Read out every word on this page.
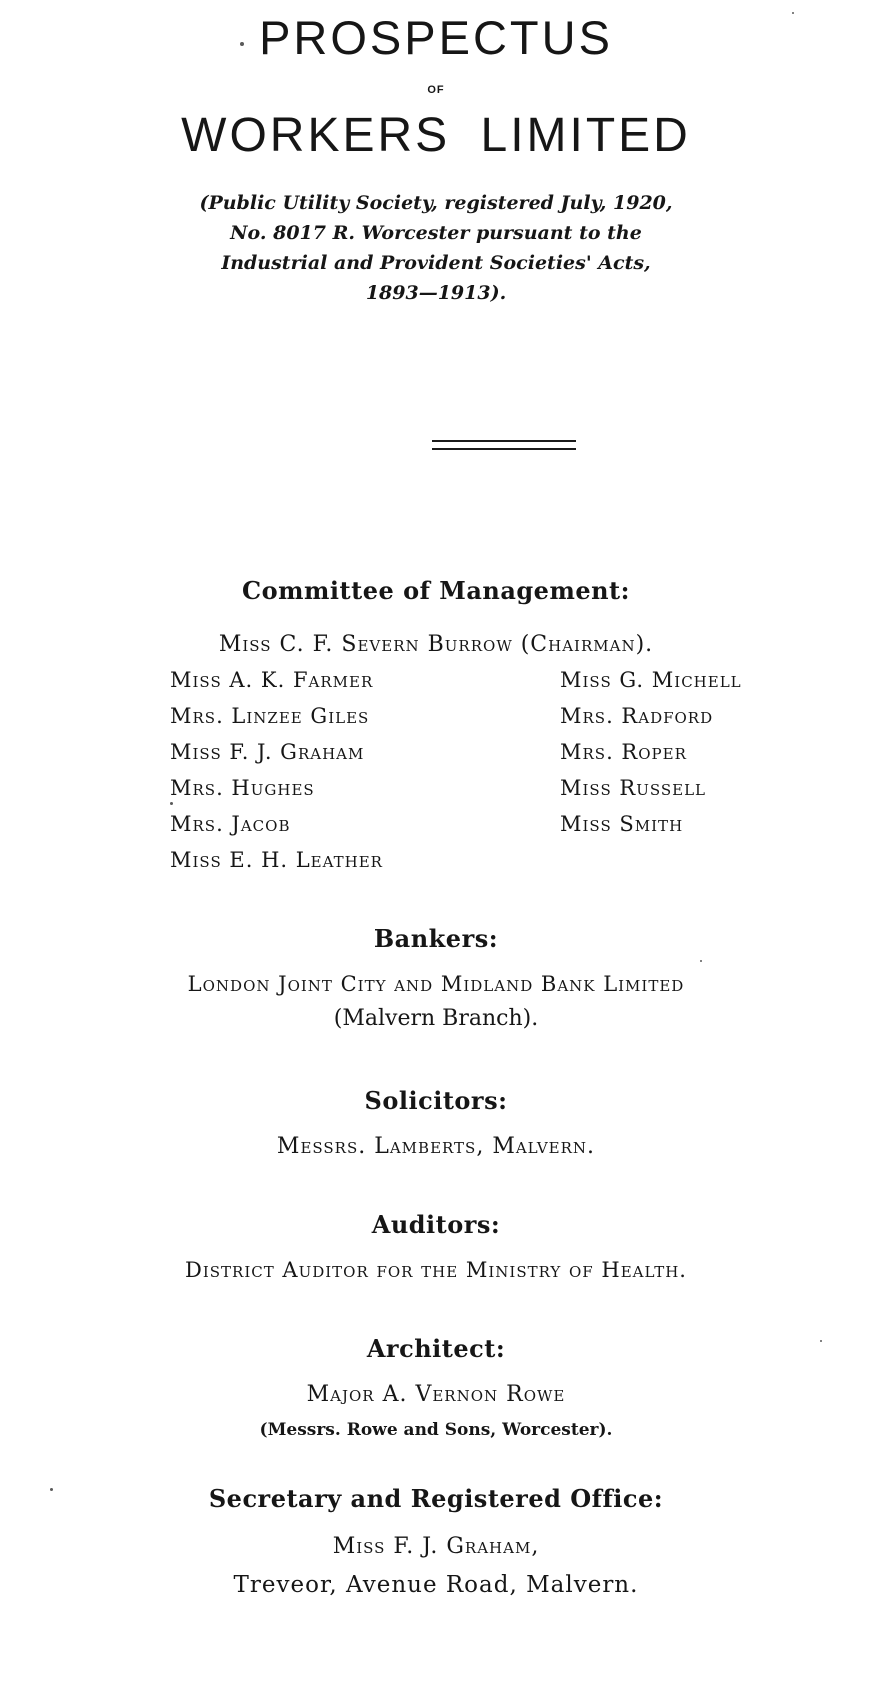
PROSPECTUS
OF
WORKERS LIMITED
(Public Utility Society, registered July, 1920,
No. 8017 R. Worcester pursuant to the
Industrial and Provident Societies' Acts,
1893—1913).
Committee of Management:
Miss C. F. Severn Burrow (Chairman).
Miss A. K. Farmer
Mrs. Linzee Giles
Miss F. J. Graham
Mrs. Hughes
Mrs. Jacob
Miss E. H. Leather
Miss G. Michell
Mrs. Radford
Mrs. Roper
Miss Russell
Miss Smith
Bankers:
London Joint City and Midland Bank Limited
(Malvern Branch).
Solicitors:
Messrs. Lamberts, Malvern.
Auditors:
District Auditor for the Ministry of Health.
Architect:
Major A. Vernon Rowe
(Messrs. Rowe and Sons, Worcester).
Secretary and Registered Office:
Miss F. J. Graham,
Treveor, Avenue Road, Malvern.
